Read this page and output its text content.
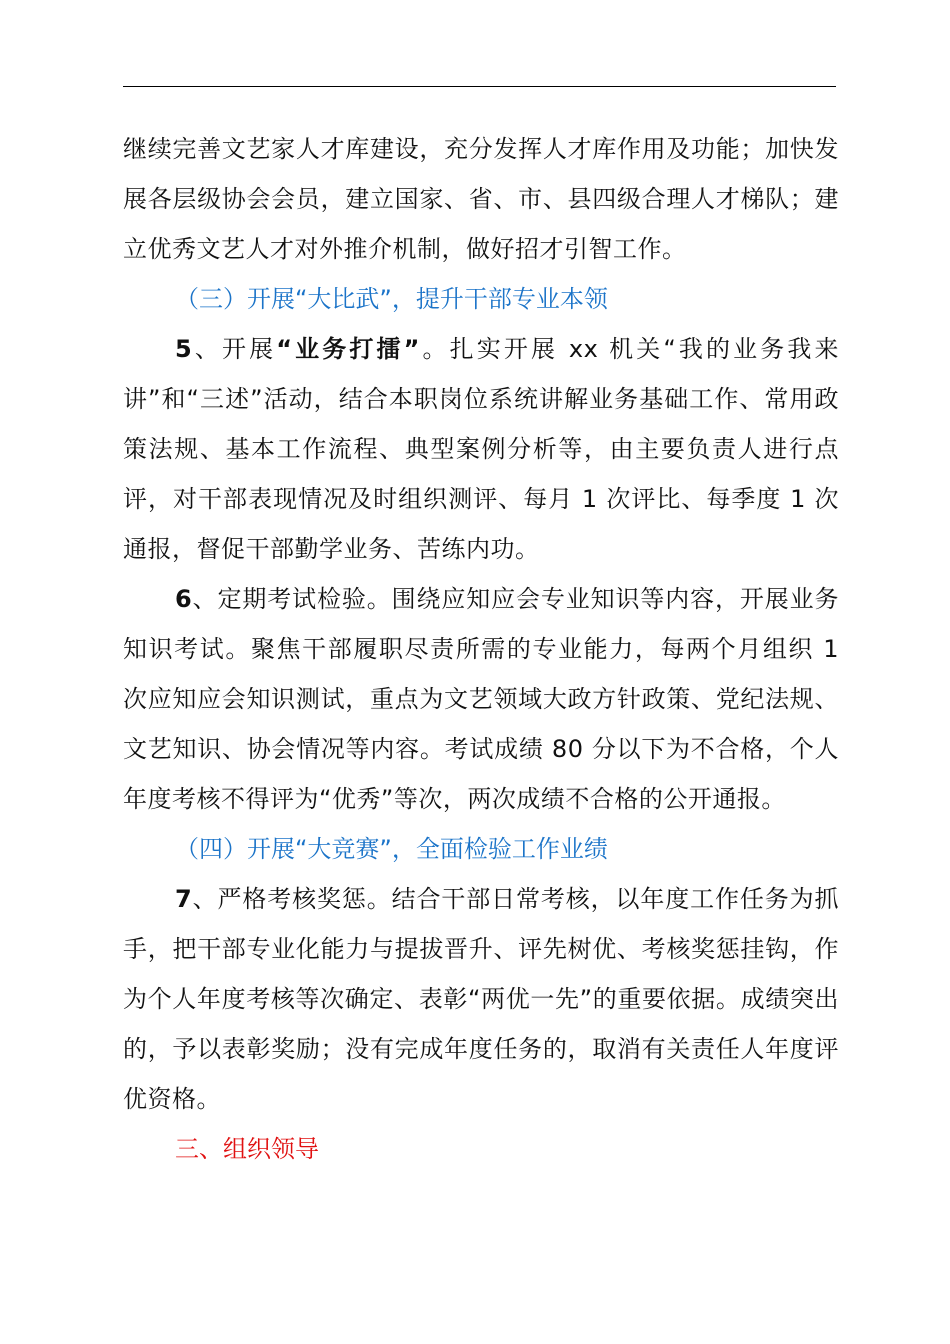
继续完善文艺家人才库建设，充分发挥人才库作用及功能；加快发展各层级协会会员，建立国家、省、市、县四级合理人才梯队；建立优秀文艺人才对外推介机制，做好招才引智工作。

（三）开展“大比武”，提升干部专业本领

5、开展“业务打擂”。扎实开展 xx 机关“我的业务我来讲”和“三述”活动，结合本职岗位系统讲解业务基础工作、常用政策法规、基本工作流程、典型案例分析等，由主要负责人进行点评，对干部表现情况及时组织测评、每月 1 次评比、每季度 1 次通报，督促干部勤学业务、苦练内功。

6、定期考试检验。围绕应知应会专业知识等内容，开展业务知识考试。聚焦干部履职尽责所需的专业能力，每两个月组织 1 次应知应会知识测试，重点为文艺领域大政方针政策、党纪法规、文艺知识、协会情况等内容。考试成绩 80 分以下为不合格，个人年度考核不得评为“优秀”等次，两次成绩不合格的公开通报。

（四）开展“大竞赛”，全面检验工作业绩

7、严格考核奖惩。结合干部日常考核，以年度工作任务为抓手，把干部专业化能力与提拔晋升、评先树优、考核奖惩挂钩，作为个人年度考核等次确定、表彰“两优一先”的重要依据。成绩突出的，予以表彰奖励；没有完成年度任务的，取消有关责任人年度评优资格。

三、组织领导
